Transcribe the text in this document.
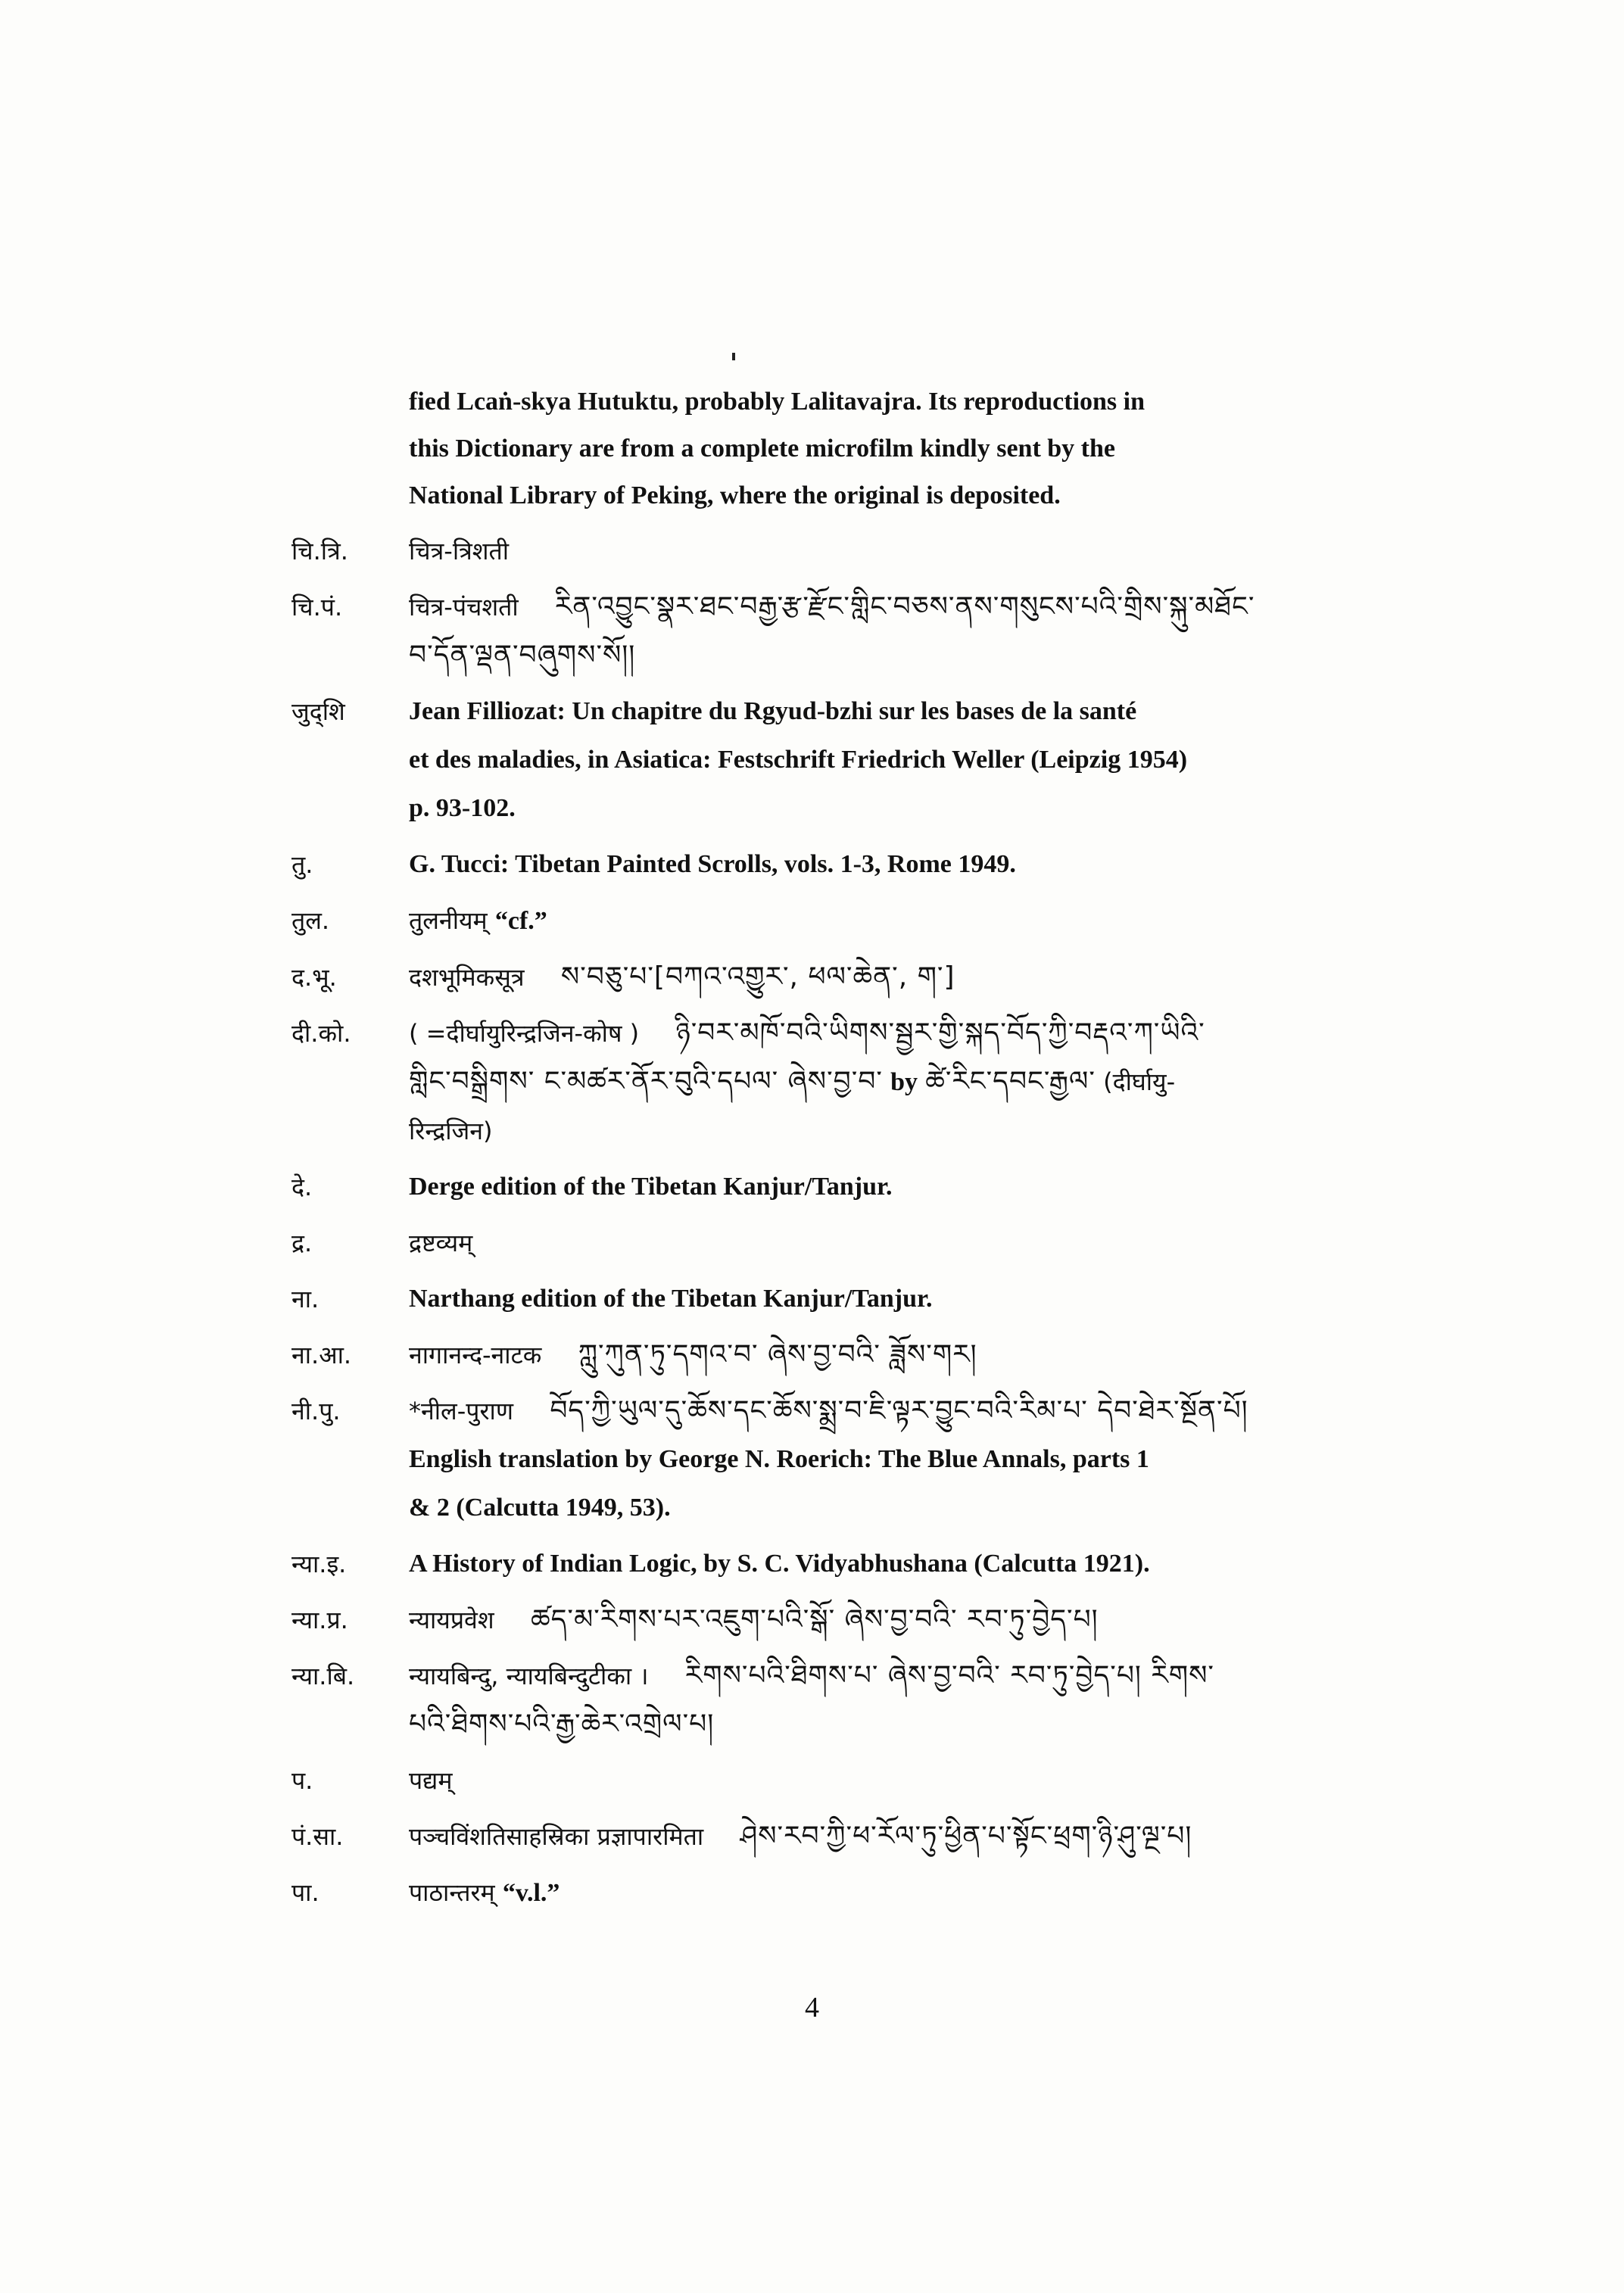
fied Lcaṅ-skya Hutuktu, probably Lalitavajra. Its reproductions in
this Dictionary are from a complete microfilm kindly sent by the
National Library of Peking, where the original is deposited.
चि.त्रि.	चित्र-त्रिशती
चि.पं.	चित्र-पंचशती རིན་འབྱུང་སྣར་ཐང་བརྒྱ་རྩ་རྫོང་གླིང་བཅས་ནས་གསུངས་པའི་གྲིས་སྐུ་མཐོང་
བ་དོན་ལྡན་བཞུགས་སོ།།
जुद्शि	Jean Filliozat: Un chapitre du Rgyud-bzhi sur les bases de la santé
et des maladies, in Asiatica: Festschrift Friedrich Weller (Leipzig 1954)
p. 93-102.
तु.	G. Tucci: Tibetan Painted Scrolls, vols. 1-3, Rome 1949.
तुल.	तुलनीयम् “cf.”
द.भू.	दशभूमिकसूत्र ས་བཅུ་པ་[བཀའ་འགྱུར་, ཕལ་ཆེན་, ག་]
दी.को.	( =दीर्घायुरिन्द्रजिन-कोष ) ཉི་བར་མཁོ་བའི་ཡིགས་སྦྱར་གྱི་སྐད་བོད་ཀྱི་བརྡའ་ཀ་ཡིའི་
གླིང་བསྒྲིགས་ ང་མཚར་ནོར་བུའི་དཔལ་ ཞེས་བྱ་བ་ by ཚེ་རིང་དབང་རྒྱལ་ (दीर्घायु-
रिन्द्रजिन)
दे.	Derge edition of the Tibetan Kanjur/Tanjur.
द्र.	द्रष्टव्यम्
ना.	Narthang edition of the Tibetan Kanjur/Tanjur.
ना.आ.	नागानन्द-नाटक ཀླུ་ཀུན་ཏུ་དགའ་བ་ ཞེས་བྱ་བའི་ ཟློས་གར།
नी.पु.	*नील-पुराण བོད་ཀྱི་ཡུལ་དུ་ཆོས་དང་ཆོས་སྨྲ་བ་ཇི་ལྟར་བྱུང་བའི་རིམ་པ་ དེབ་ཐེར་སྔོན་པོ།
English translation by George N. Roerich: The Blue Annals, parts 1
& 2 (Calcutta 1949, 53).
न्या.इ.	A History of Indian Logic, by S. C. Vidyabhushana (Calcutta 1921).
न्या.प्र.	न्यायप्रवेश ཚད་མ་རིགས་པར་འཇུག་པའི་སྒོ་ ཞེས་བྱ་བའི་ རབ་ཏུ་བྱེད་པ།
न्या.बि.	न्यायबिन्दु, न्यायबिन्दुटीका । རིགས་པའི་ཐིགས་པ་ ཞེས་བྱ་བའི་ རབ་ཏུ་བྱེད་པ། རིགས་
པའི་ཐིགས་པའི་རྒྱ་ཆེར་འགྲེལ་པ།
प.	पद्यम्
पं.सा.	पञ्चविंशतिसाहस्रिका प्रज्ञापारमिता ཤེས་རབ་ཀྱི་ཕ་རོལ་ཏུ་ཕྱིན་པ་སྟོང་ཕྲག་ཉི་ཤུ་ལྔ་པ།
पा.	पाठान्तरम् “v.l.”
4
